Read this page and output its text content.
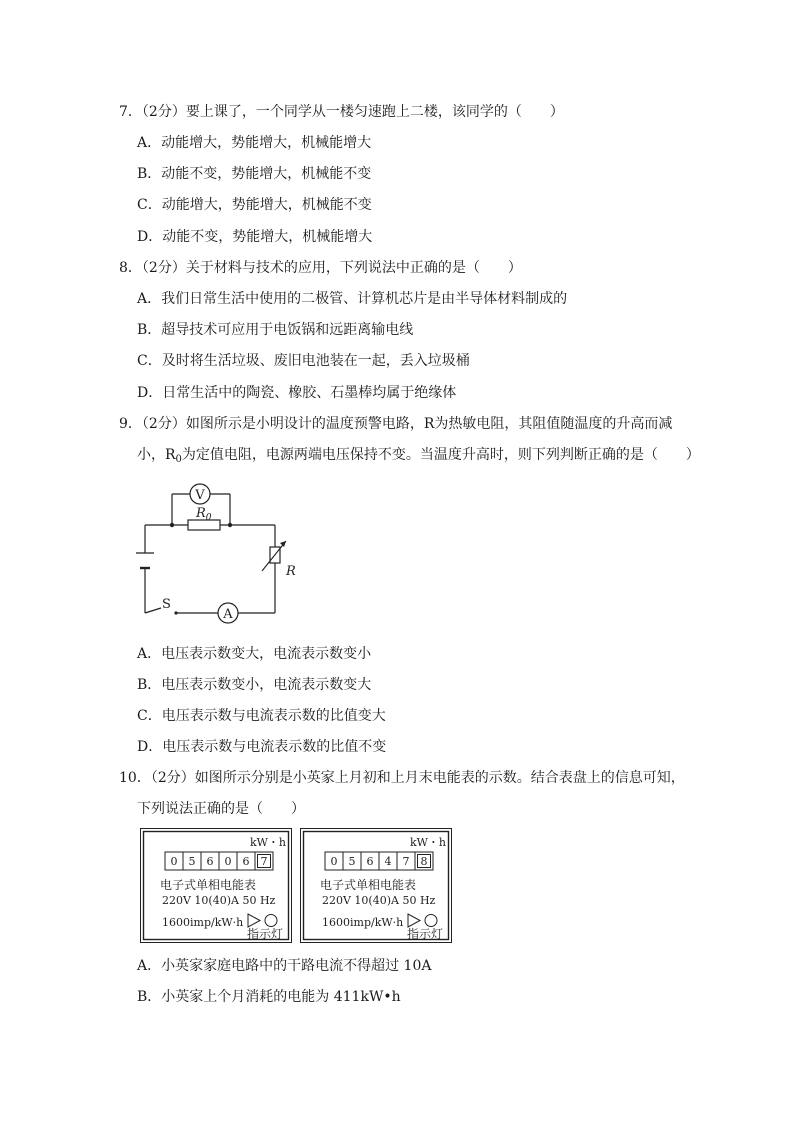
7．（2分）要上课了，一个同学从一楼匀速跑上二楼，该同学的（　　）
A．动能增大，势能增大，机械能增大
B．动能不变，势能增大，机械能不变
C．动能增大，势能增大，机械能不变
D．动能不变，势能增大，机械能增大
8．（2分）关于材料与技术的应用，下列说法中正确的是（　　）
A．我们日常生活中使用的二极管、计算机芯片是由半导体材料制成的
B．超导技术可应用于电饭锅和远距离输电线
C．及时将生活垃圾、废旧电池装在一起，丢入垃圾桶
D．日常生活中的陶瓷、橡胶、石墨棒均属于绝缘体
9．（2分）如图所示是小明设计的温度预警电路，R为热敏电阻，其阻值随温度的升高而减
小，$R_0$为定值电阻，电源两端电压保持不变。当温度升高时，则下列判断正确的是（　　）
S
$R_0$
V
R
A
A．电压表示数变大，电流表示数变小
B．电压表示数变小，电流表示数变大
C．电压表示数与电流表示数的比值变大
D．电压表示数与电流表示数的比值不变
10．（2分）如图所示分别是小英家上月初和上月末电能表的示数。结合表盘上的信息可知，
下列说法正确的是（　　）
kW・h
0 5 6 0 6 7
电子式单相电能表
220V 10(40)A 50 Hz
1600imp/kW·h
指示灯
kW・h
0 5 6 4 7 8
电子式单相电能表
220V 10(40)A 50 Hz
1600imp/kW·h
指示灯
A．小英家家庭电路中的干路电流不得超过 10A
B．小英家上个月消耗的电能为 411kW•h
